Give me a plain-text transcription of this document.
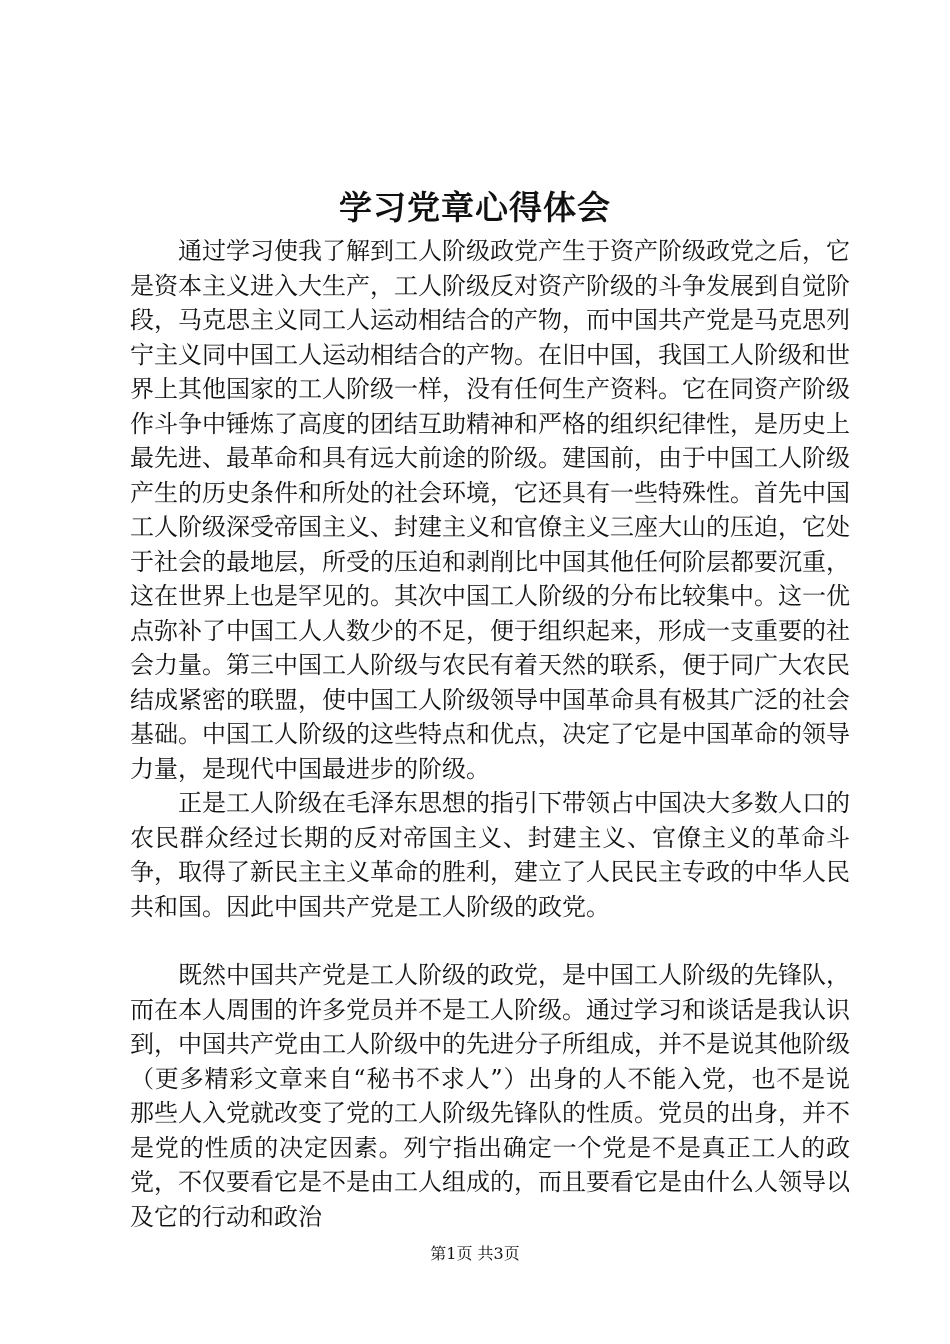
学习党章心得体会

通过学习使我了解到工人阶级政党产生于资产阶级政党之后，它是资本主义进入大生产，工人阶级反对资产阶级的斗争发展到自觉阶段，马克思主义同工人运动相结合的产物，而中国共产党是马克思列宁主义同中国工人运动相结合的产物。在旧中国，我国工人阶级和世界上其他国家的工人阶级一样，没有任何生产资料。它在同资产阶级作斗争中锤炼了高度的团结互助精神和严格的组织纪律性，是历史上最先进、最革命和具有远大前途的阶级。建国前，由于中国工人阶级产生的历史条件和所处的社会环境，它还具有一些特殊性。首先中国工人阶级深受帝国主义、封建主义和官僚主义三座大山的压迫，它处于社会的最地层，所受的压迫和剥削比中国其他任何阶层都要沉重，这在世界上也是罕见的。其次中国工人阶级的分布比较集中。这一优点弥补了中国工人人数少的不足，便于组织起来，形成一支重要的社会力量。第三中国工人阶级与农民有着天然的联系，便于同广大农民结成紧密的联盟，使中国工人阶级领导中国革命具有极其广泛的社会基础。中国工人阶级的这些特点和优点，决定了它是中国革命的领导力量，是现代中国最进步的阶级。

正是工人阶级在毛泽东思想的指引下带领占中国决大多数人口的农民群众经过长期的反对帝国主义、封建主义、官僚主义的革命斗争，取得了新民主主义革命的胜利，建立了人民民主专政的中华人民共和国。因此中国共产党是工人阶级的政党。

既然中国共产党是工人阶级的政党，是中国工人阶级的先锋队，而在本人周围的许多党员并不是工人阶级。通过学习和谈话是我认识到，中国共产党由工人阶级中的先进分子所组成，并不是说其他阶级（更多精彩文章来自“秘书不求人”）出身的人不能入党，也不是说那些人入党就改变了党的工人阶级先锋队的性质。党员的出身，并不是党的性质的决定因素。列宁指出确定一个党是不是真正工人的政党，不仅要看它是不是由工人组成的，而且要看它是由什么人领导以及它的行动和政治

第1页 共3页
